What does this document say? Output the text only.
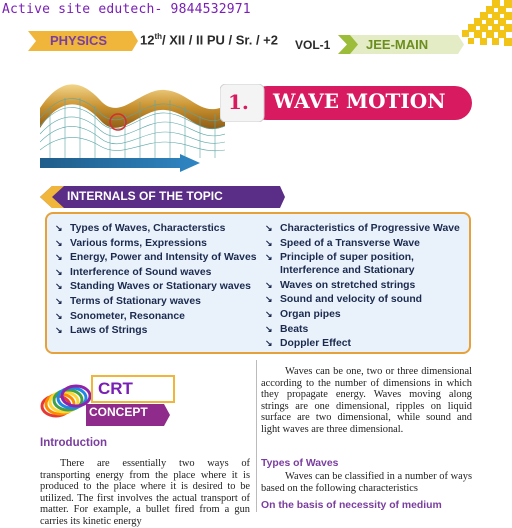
Active site edutech- 9844532971
PHYSICS	12th/ XII / II PU / Sr. / +2 VOL-1	JEE-MAIN
1. WAVE MOTION
INTERNALS OF THE TOPIC
↘ Types of Waves, Characterstics
↘ Various forms, Expressions
↘ Energy, Power and Intensity of Waves
↘ Interference of Sound waves
↘ Standing Waves or Stationary waves
↘ Terms of Stationary waves
↘ Sonometer, Resonance
↘ Laws of Strings
↘ Characteristics of Progressive Wave
↘ Speed of a Transverse Wave
↘ Principle of super position, Interference and Stationary
↘ Waves on stretched strings
↘ Sound and velocity of sound
↘ Organ pipes
↘ Beats
↘ Doppler Effect
CRT
CONCEPT
Introduction
There are essentially two ways of transporting energy from the place where it is produced to the place where it is desired to be utilized. The first involves the actual transport of matter. For example, a bullet fired from a gun carries its kinetic energy
Waves can be one, two or three dimensional according to the number of dimensions in which they propagate energy. Waves moving along strings are one dimensional, ripples on liquid surface are two dimensional, while sound and light waves are three dimensional.
Types of Waves
Waves can be classified in a number of ways based on the following characteristics
On the basis of necessity of medium
